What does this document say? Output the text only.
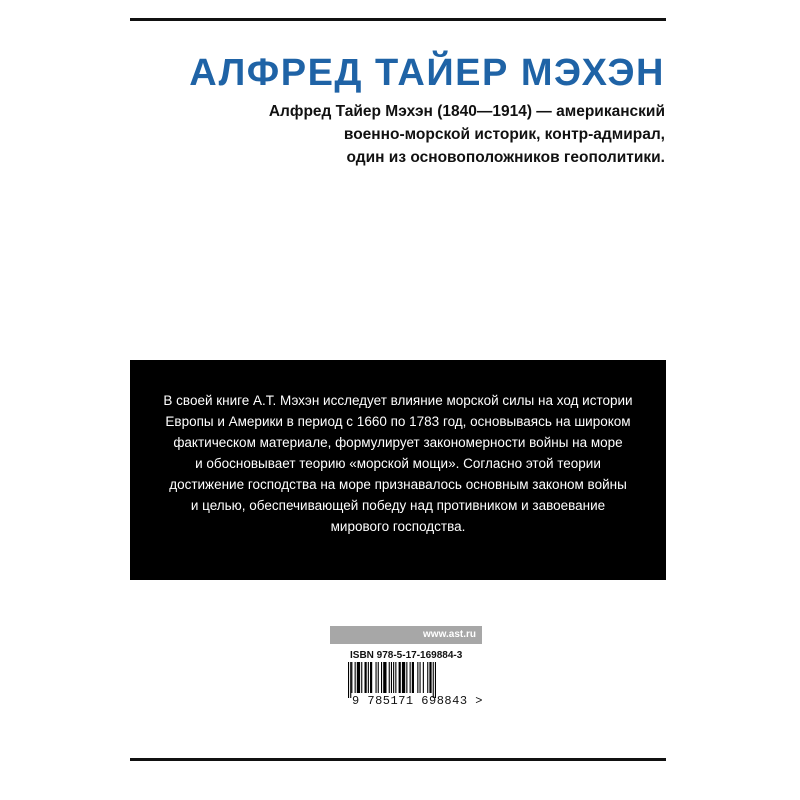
АЛФРЕД ТАЙЕР МЭХЭН
Алфред Тайер Мэхэн (1840—1914) — американский
военно-морской историк, контр-адмирал,
один из основоположников геополитики.
В своей книге А.Т. Мэхэн исследует влияние морской силы на ход истории
Европы и Америки в период с 1660 по 1783 год, основываясь на широком
фактическом материале, формулирует закономерности войны на море
и обосновывает теорию «морской мощи». Согласно этой теории
достижение господства на море признавалось основным законом войны
и целью, обеспечивающей победу над противником и завоевание
мирового господства.
www.ast.ru
ISBN 978-5-17-169884-3
9 785171 698843 >
